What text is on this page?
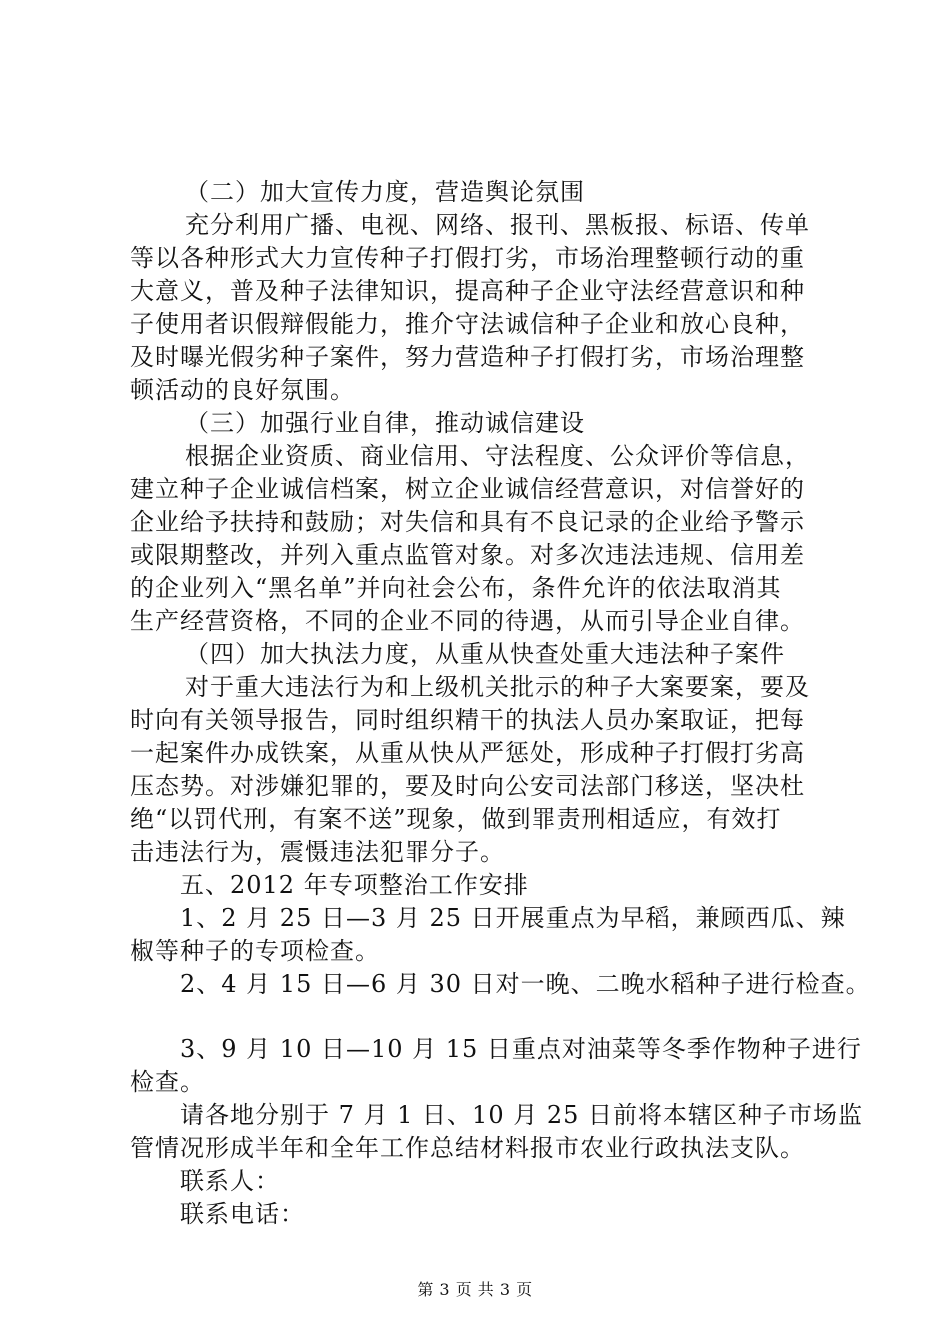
（二）加大宣传力度，营造舆论氛围
充分利用广播、电视、网络、报刊、黑板报、标语、传单
等以各种形式大力宣传种子打假打劣，市场治理整顿行动的重
大意义，普及种子法律知识，提高种子企业守法经营意识和种
子使用者识假辩假能力，推介守法诚信种子企业和放心良种，
及时曝光假劣种子案件，努力营造种子打假打劣，市场治理整
顿活动的良好氛围。
（三）加强行业自律，推动诚信建设
根据企业资质、商业信用、守法程度、公众评价等信息，
建立种子企业诚信档案，树立企业诚信经营意识，对信誉好的
企业给予扶持和鼓励；对失信和具有不良记录的企业给予警示
或限期整改，并列入重点监管对象。对多次违法违规、信用差
的企业列入“黑名单”并向社会公布，条件允许的依法取消其
生产经营资格，不同的企业不同的待遇，从而引导企业自律。
（四）加大执法力度，从重从快查处重大违法种子案件
对于重大违法行为和上级机关批示的种子大案要案，要及
时向有关领导报告，同时组织精干的执法人员办案取证，把每
一起案件办成铁案，从重从快从严惩处，形成种子打假打劣高
压态势。对涉嫌犯罪的，要及时向公安司法部门移送，坚决杜
绝“以罚代刑，有案不送”现象，做到罪责刑相适应，有效打
击违法行为，震慑违法犯罪分子。
五、2012 年专项整治工作安排
1、2 月 25 日—3 月 25 日开展重点为早稻，兼顾西瓜、辣
椒等种子的专项检查。
2、4 月 15 日—6 月 30 日对一晚、二晚水稻种子进行检查。
3、9 月 10 日—10 月 15 日重点对油菜等冬季作物种子进行
检查。
请各地分别于 7 月 1 日、10 月 25 日前将本辖区种子市场监
管情况形成半年和全年工作总结材料报市农业行政执法支队。
联系人：
联系电话：
第 3 页 共 3 页
